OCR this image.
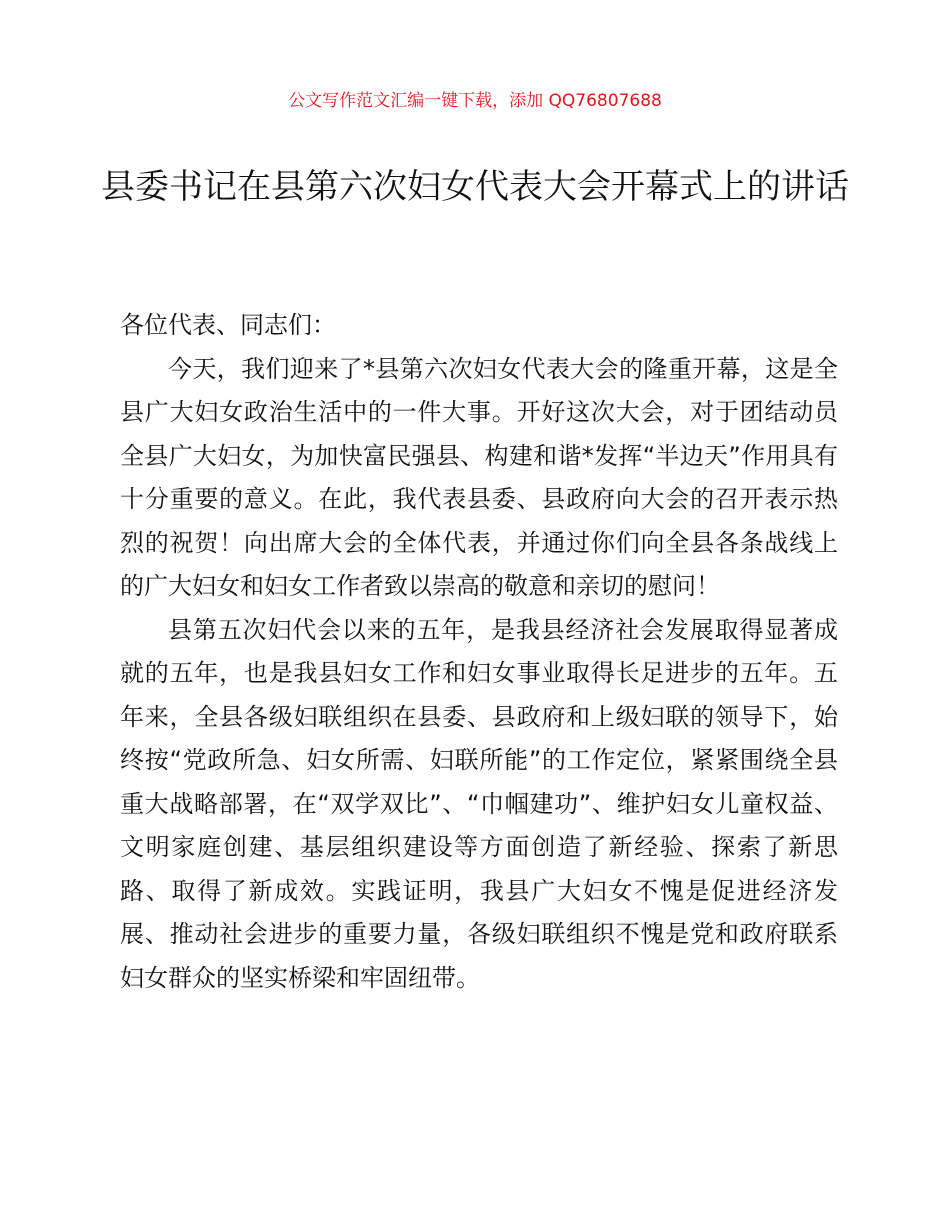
公文写作范文汇编一键下载，添加 QQ76807688
县委书记在县第六次妇女代表大会开幕式上的讲话

各位代表、同志们：

今天，我们迎来了*县第六次妇女代表大会的隆重开幕，这是全县广大妇女政治生活中的一件大事。开好这次大会，对于团结动员全县广大妇女，为加快富民强县、构建和谐*发挥“半边天”作用具有十分重要的意义。在此，我代表县委、县政府向大会的召开表示热烈的祝贺！向出席大会的全体代表，并通过你们向全县各条战线上的广大妇女和妇女工作者致以崇高的敬意和亲切的慰问！

县第五次妇代会以来的五年，是我县经济社会发展取得显著成就的五年，也是我县妇女工作和妇女事业取得长足进步的五年。五年来，全县各级妇联组织在县委、县政府和上级妇联的领导下，始终按“党政所急、妇女所需、妇联所能”的工作定位，紧紧围绕全县重大战略部署，在“双学双比”、“巾帼建功”、维护妇女儿童权益、文明家庭创建、基层组织建设等方面创造了新经验、探索了新思路、取得了新成效。实践证明，我县广大妇女不愧是促进经济发展、推动社会进步的重要力量，各级妇联组织不愧是党和政府联系妇女群众的坚实桥梁和牢固纽带。
